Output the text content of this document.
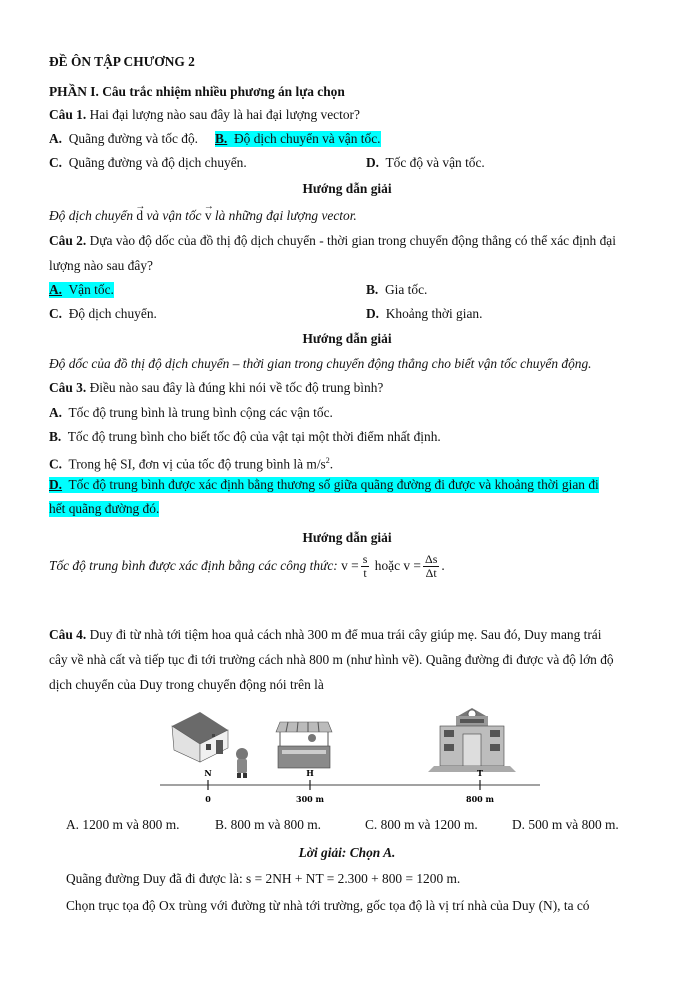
ĐỀ ÔN TẬP CHƯƠNG 2
PHẦN I. Câu trắc nhiệm nhiều phương án lựa chọn
Câu 1. Hai đại lượng nào sau đây là hai đại lượng vector?
A. Quãng đường và tốc độ. B. Độ dịch chuyển và vận tốc.
C. Quãng đường và độ dịch chuyển.	D. Tốc độ và vận tốc.
Hướng dẫn giải
Độ dịch chuyển → d và vận tốc → v là những đại lượng vector.
Câu 2. Dựa vào độ dốc của đồ thị độ dịch chuyển - thời gian trong chuyển động thẳng có thể xác định đại
lượng nào sau đây?
A. Vận tốc.	B. Gia tốc.
C. Độ dịch chuyển.	D. Khoảng thời gian.
Hướng dẫn giải
Độ dốc của đồ thị độ dịch chuyển – thời gian trong chuyển động thẳng cho biết vận tốc chuyển động.
Câu 3. Điều nào sau đây là đúng khi nói về tốc độ trung bình?
A. Tốc độ trung bình là trung bình cộng các vận tốc.
B. Tốc độ trung bình cho biết tốc độ của vật tại một thời điểm nhất định.
C. Trong hệ SI, đơn vị của tốc độ trung bình là $m/s^2$.
D. Tốc độ trung bình được xác định bằng thương số giữa quãng đường đi được và khoảng thời gian đi
hết quãng đường đó.
Hướng dẫn giải
Tốc độ trung bình được xác định bằng các công thức: $v = \frac{s}{t}$ hoặc $v = \frac{\Delta s}{\Delta t}$ .
Câu 4. Duy đi từ nhà tới tiệm hoa quả cách nhà 300 m để mua trái cây giúp mẹ. Sau đó, Duy mang trái
cây về nhà cất và tiếp tục đi tới trường cách nhà 800 m (như hình vẽ). Quãng đường đi được và độ lớn độ
dịch chuyển của Duy trong chuyển động nói trên là
N	H	T
0	300 m	800 m
A. 1200 m và 800 m.	B. 800 m và 800 m.	C. 800 m và 1200 m.	D. 500 m và 800 m.
Lời giải: Chọn A.
Quãng đường Duy đã đi được là: s = 2NH + NT = 2.300 + 800 = 1200 m.
Chọn trục tọa độ Ox trùng với đường từ nhà tới trường, gốc tọa độ là vị trí nhà của Duy (N), ta có
